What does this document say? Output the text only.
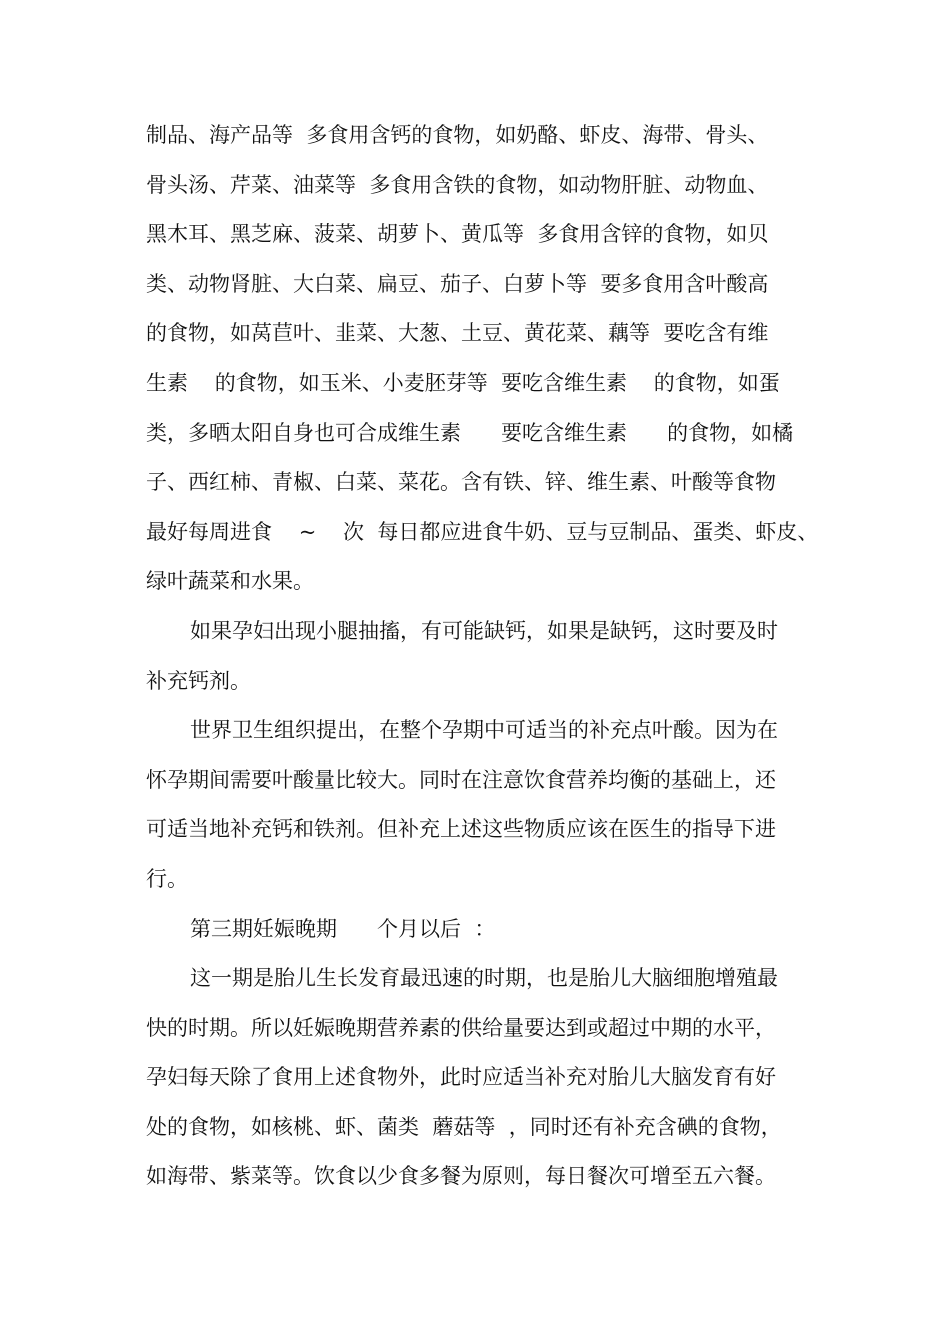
制品、海产品等  多食用含钙的食物，如奶酪、虾皮、海带、骨头、
骨头汤、芹菜、油菜等  多食用含铁的食物，如动物肝脏、动物血、
黑木耳、黑芝麻、菠菜、胡萝卜、黄瓜等  多食用含锌的食物，如贝
类、动物肾脏、大白菜、扁豆、茄子、白萝卜等  要多食用含叶酸高
的食物，如莴苣叶、韭菜、大葱、土豆、黄花菜、藕等  要吃含有维
生素    的食物，如玉米、小麦胚芽等  要吃含维生素    的食物，如蛋
类，多晒太阳自身也可合成维生素      要吃含维生素      的食物，如橘
子、西红柿、青椒、白菜、菜花。含有铁、锌、维生素、叶酸等食物
最好每周进食    ~    次  每日都应进食牛奶、豆与豆制品、蛋类、虾皮、
绿叶蔬菜和水果。
如果孕妇出现小腿抽搐，有可能缺钙，如果是缺钙，这时要及时
补充钙剂。
世界卫生组织提出，在整个孕期中可适当的补充点叶酸。因为在
怀孕期间需要叶酸量比较大。同时在注意饮食营养均衡的基础上，还
可适当地补充钙和铁剂。但补充上述这些物质应该在医生的指导下进
行。
第三期妊娠晚期      个月以后  ：
这一期是胎儿生长发育最迅速的时期，也是胎儿大脑细胞增殖最
快的时期。所以妊娠晚期营养素的供给量要达到或超过中期的水平，
孕妇每天除了食用上述食物外，此时应适当补充对胎儿大脑发育有好
处的食物，如核桃、虾、菌类  蘑菇等  ，同时还有补充含碘的食物，
如海带、紫菜等。饮食以少食多餐为原则，每日餐次可增至五六餐。
